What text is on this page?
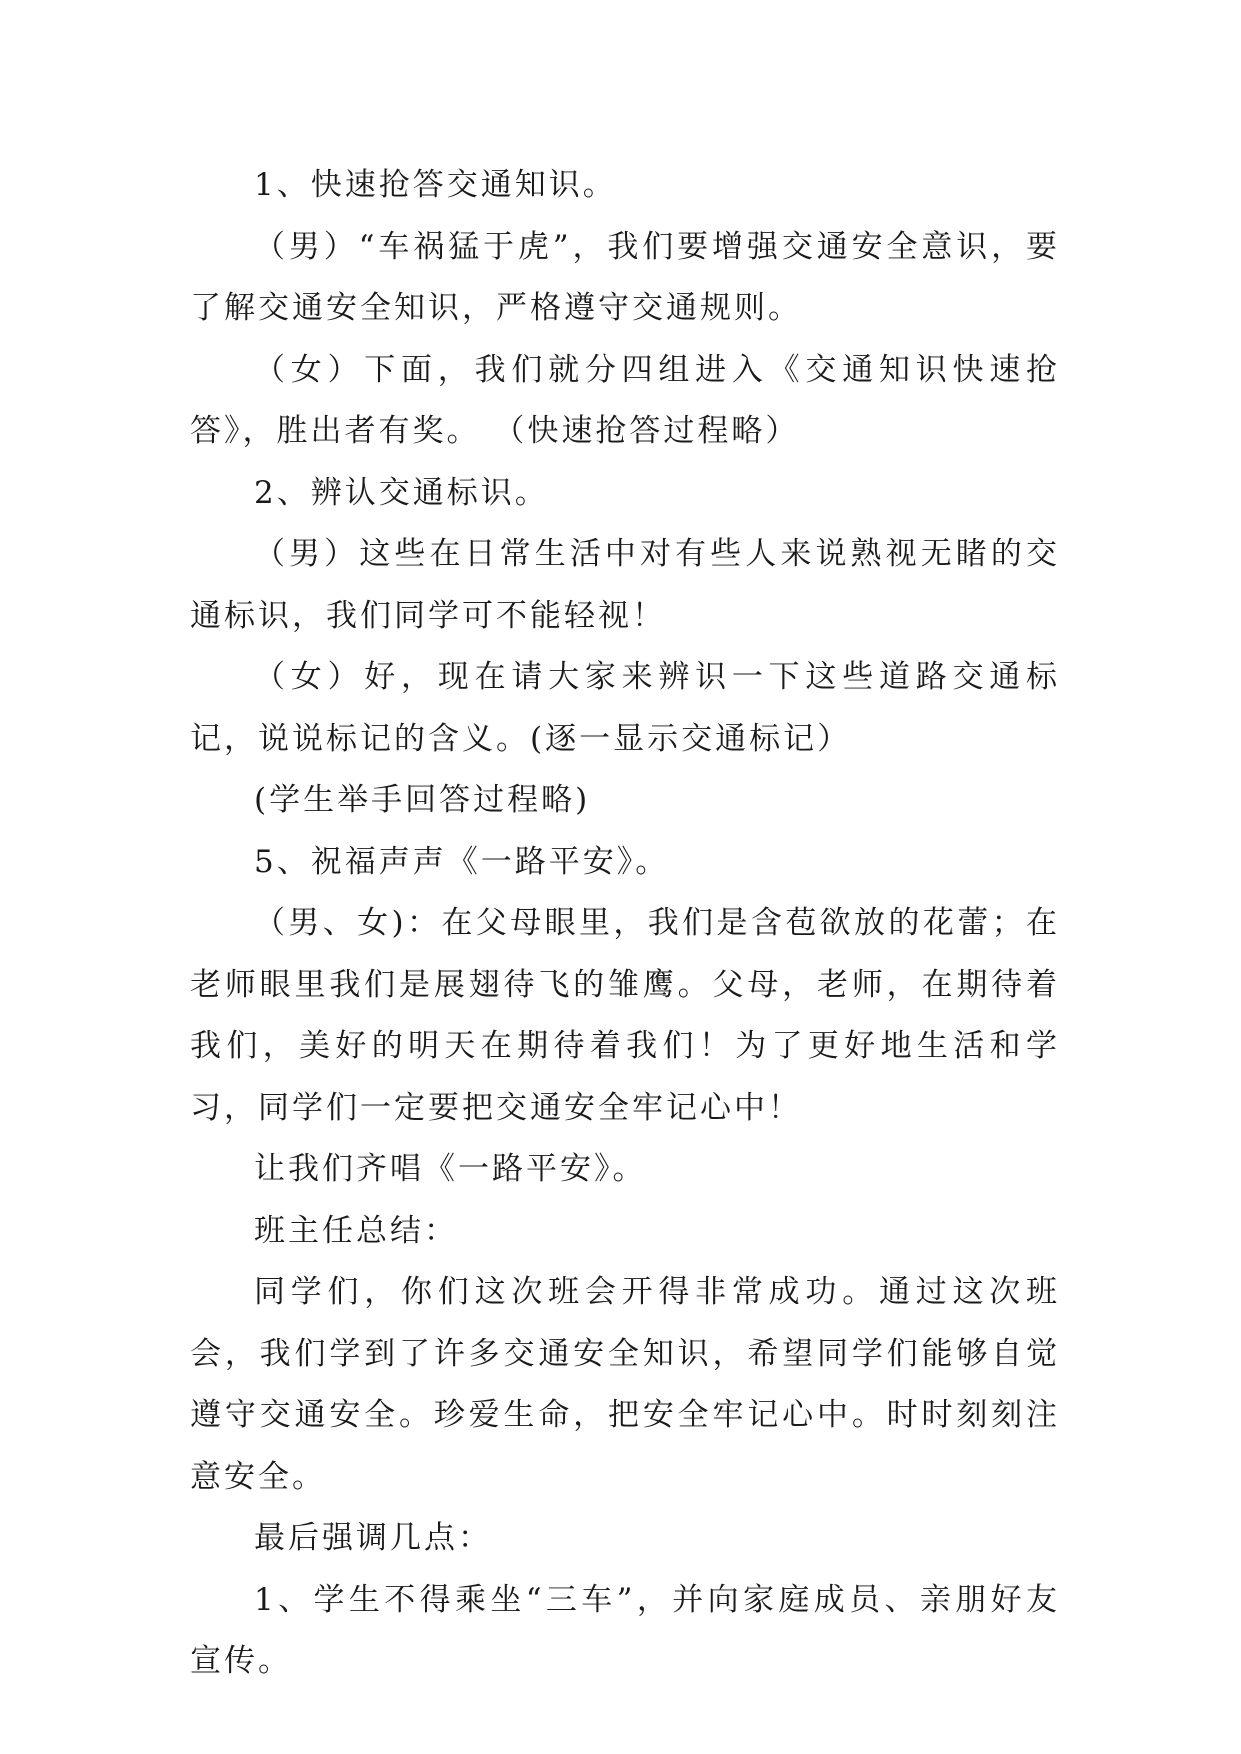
1、快速抢答交通知识。

（男）“车祸猛于虎”，我们要增强交通安全意识，要了解交通安全知识，严格遵守交通规则。

（女）下面，我们就分四组进入《交通知识快速抢答》，胜出者有奖。 （快速抢答过程略）

2、辨认交通标识。

（男）这些在日常生活中对有些人来说熟视无睹的交通标识，我们同学可不能轻视！

（女）好，现在请大家来辨识一下这些道路交通标记，说说标记的含义。(逐一显示交通标记）

(学生举手回答过程略)

5、祝福声声《一路平安》。

（男、女)：在父母眼里，我们是含苞欲放的花蕾；在老师眼里我们是展翅待飞的雏鹰。父母，老师，在期待着我们，美好的明天在期待着我们！为了更好地生活和学习，同学们一定要把交通安全牢记心中！

让我们齐唱《一路平安》。

班主任总结：

同学们，你们这次班会开得非常成功。通过这次班会，我们学到了许多交通安全知识，希望同学们能够自觉遵守交通安全。珍爱生命，把安全牢记心中。时时刻刻注意安全。

最后强调几点：

1、学生不得乘坐“三车”，并向家庭成员、亲朋好友宣传。
